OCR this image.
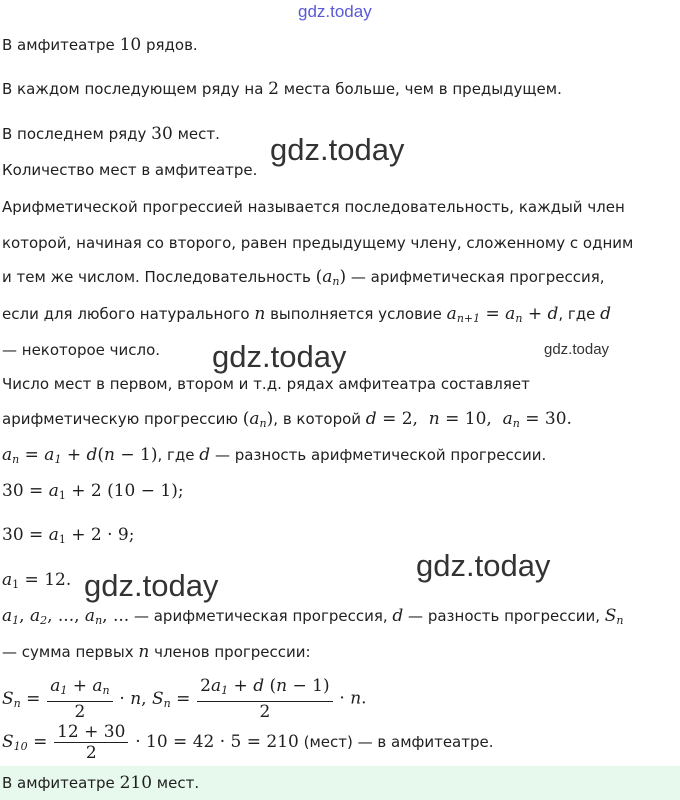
gdz.today
gdz.today
gdz.today	gdz.today
gdz.today
gdz.today
В амфитеатре 10 рядов.
В каждом последующем ряду на 2 места больше, чем в предыдущем.
В последнем ряду 30 мест.
Количество мест в амфитеатре.
Арифметической прогрессией называется последовательность, каждый член
которой, начиная со второго, равен предыдущему члену, сложенному с одним
и тем же числом. Последовательность $(a_n)$ — арифметическая прогрессия,
если для любого натурального n выполняется условие $a_{n+1} = a_n + d$, где d
— некоторое число.
Число мест в первом, втором и т.д. рядах амфитеатра составляет
арифметическую прогрессию $(a_n)$, в которой d = 2,  n = 10,  $a_n = 30$.
$a_n = a_1 + d(n - 1)$, где d — разность арифметической прогрессии.
$30 = a_1 + 2$ (10 − 1);
$30 = a_1 + 2 \cdot 9$;
$a_1 = 12$.
$a_1$, $a_2$, ..., $a_n$, ... — арифметическая прогрессия, d — разность прогрессии, $S_n$
— сумма первых n членов прогрессии:
$S_n = \frac{a_1 + a_n}{2} \cdot n$, $S_n = \frac{2a_1 + d (n - 1)}{2} \cdot n$.
$S_{10} = \frac{12 + 30}{2} \cdot 10 = 42 \cdot 5 = 210$ (мест) — в амфитеатре.
В амфитеатре 210 мест.
